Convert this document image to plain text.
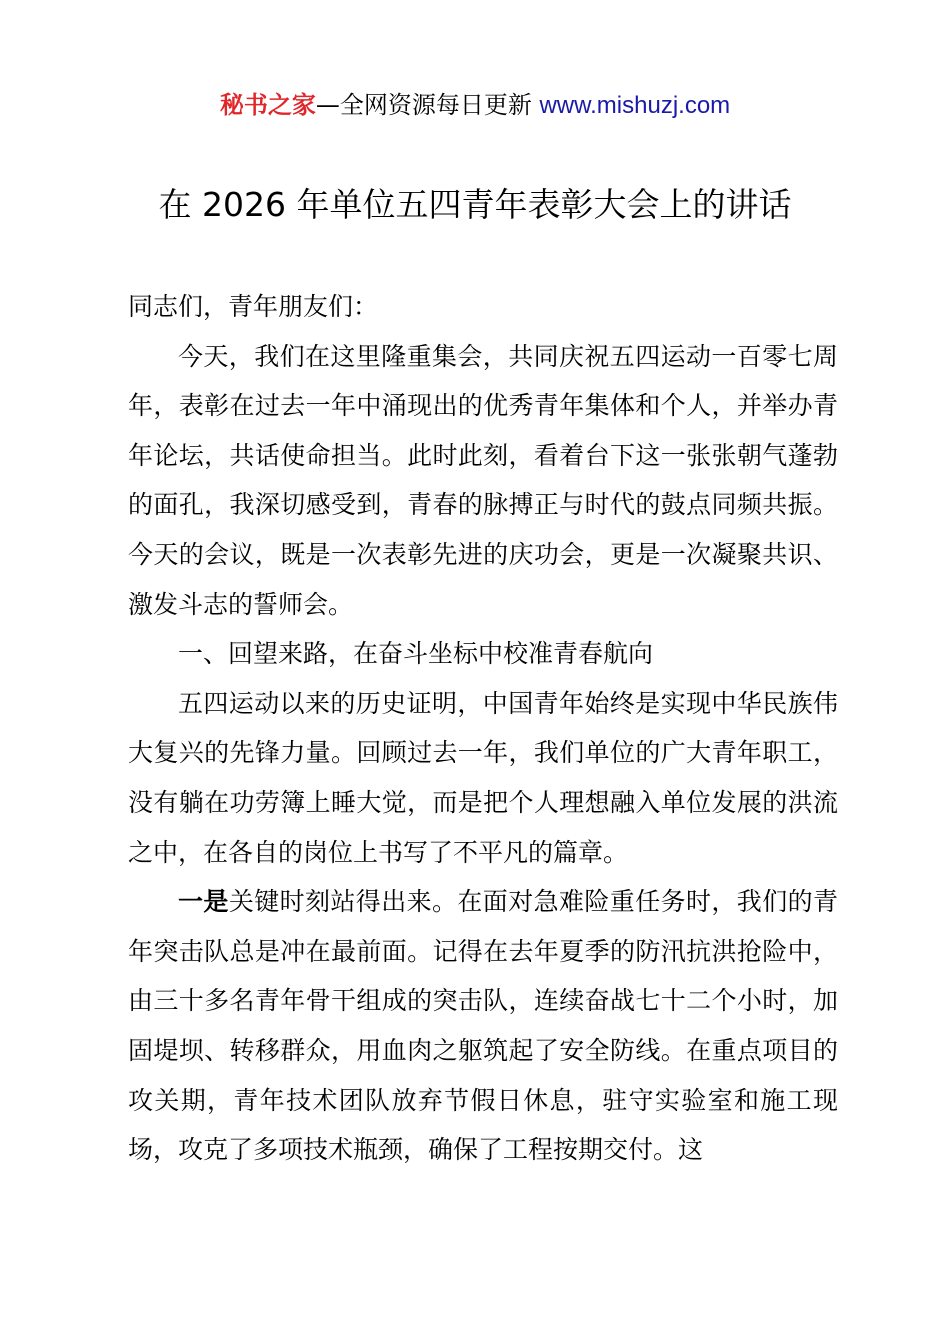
秘书之家—全网资源每日更新 www.mishuzj.com
在 2026 年单位五四青年表彰大会上的讲话

同志们，青年朋友们：

今天，我们在这里隆重集会，共同庆祝五四运动一百零七周年，表彰在过去一年中涌现出的优秀青年集体和个人，并举办青年论坛，共话使命担当。此时此刻，看着台下这一张张朝气蓬勃的面孔，我深切感受到，青春的脉搏正与时代的鼓点同频共振。今天的会议，既是一次表彰先进的庆功会，更是一次凝聚共识、激发斗志的誓师会。

一、回望来路，在奋斗坐标中校准青春航向

五四运动以来的历史证明，中国青年始终是实现中华民族伟大复兴的先锋力量。回顾过去一年，我们单位的广大青年职工，没有躺在功劳簿上睡大觉，而是把个人理想融入单位发展的洪流之中，在各自的岗位上书写了不平凡的篇章。

一是关键时刻站得出来。在面对急难险重任务时，我们的青年突击队总是冲在最前面。记得在去年夏季的防汛抗洪抢险中，由三十多名青年骨干组成的突击队，连续奋战七十二个小时，加固堤坝、转移群众，用血肉之躯筑起了安全防线。在重点项目的攻关期，青年技术团队放弃节假日休息，驻守实验室和施工现场，攻克了多项技术瓶颈，确保了工程按期交付。这
